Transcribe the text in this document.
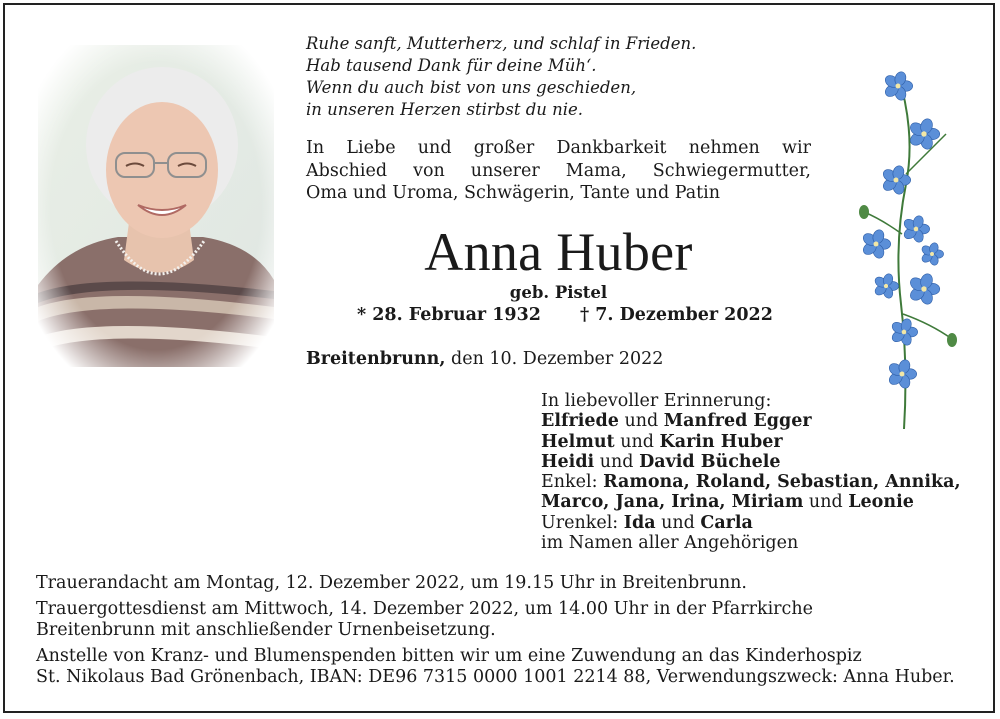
Ruhe sanft, Mutterherz, und schlaf in Frieden.
Hab tausend Dank für deine Müh‘.
Wenn du auch bist von uns geschieden,
in unseren Herzen stirbst du nie.
In Liebe und großer Dankbarkeit nehmen wir
Abschied von unserer Mama, Schwiegermutter,
Oma und Uroma, Schwägerin, Tante und Patin
Anna Huber
geb. Pistel
* 28. Februar 1932 † 7. Dezember 2022
Breitenbrunn, den 10. Dezember 2022
In liebevoller Erinnerung:
Elfriede und Manfred Egger
Helmut und Karin Huber
Heidi und David Büchele
Enkel: Ramona, Roland, Sebastian, Annika,
Marco, Jana, Irina, Miriam und Leonie
Urenkel: Ida und Carla
im Namen aller Angehörigen
Trauerandacht am Montag, 12. Dezember 2022, um 19.15 Uhr in Breitenbrunn.
Trauergottesdienst am Mittwoch, 14. Dezember 2022, um 14.00 Uhr in der Pfarrkirche
Breitenbrunn mit anschließender Urnenbeisetzung.
Anstelle von Kranz- und Blumenspenden bitten wir um eine Zuwendung an das Kinderhospiz
St. Nikolaus Bad Grönenbach, IBAN: DE96 7315 0000 1001 2214 88, Verwendungszweck: Anna Huber.
